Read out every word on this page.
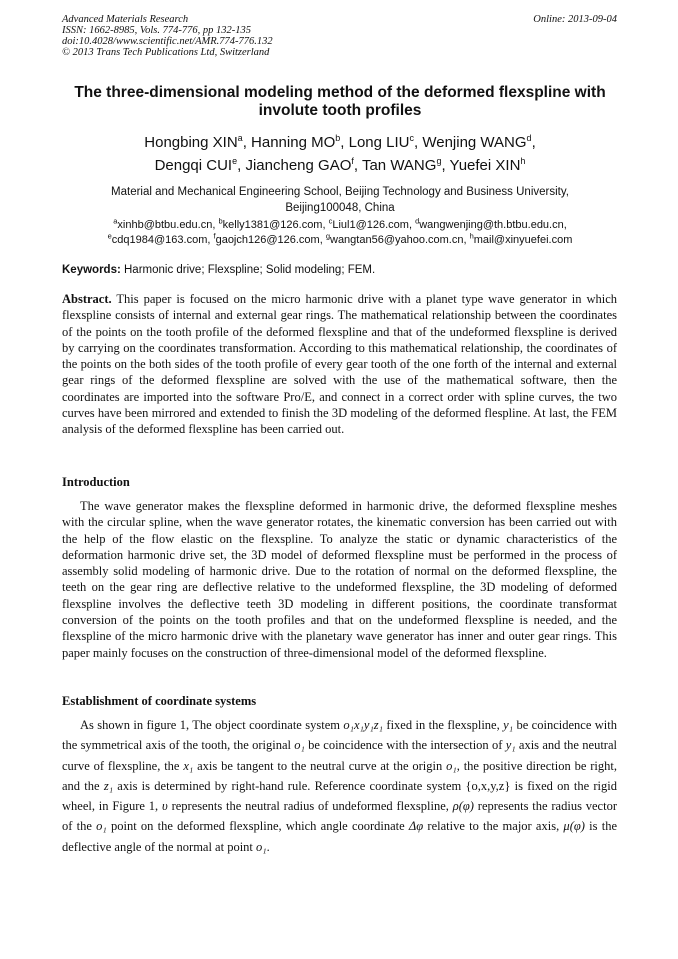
Advanced Materials Research
ISSN: 1662-8985, Vols. 774-776, pp 132-135
doi:10.4028/www.scientific.net/AMR.774-776.132
© 2013 Trans Tech Publications Ltd, Switzerland
Online: 2013-09-04
The three-dimensional modeling method of the deformed flexspline with involute tooth profiles
Hongbing XIN$^a$, Hanning $MO^b$, Long LIU$^c$, Wenjing WANG$^d$,
Dengqi CUI$^e$, Jiancheng GAO$^f$, Tan WANG$^g$, Yuefei XIN$^h$
Material and Mechanical Engineering School, Beijing Technology and Business University,
Beijing100048, China
$^a$xinhb@btbu.edu.cn, $^b$kelly1381@126.com, $^c$Liul1@126.com, $^d$wangwenjing@th.btbu.edu.cn,
$^e$cdq1984@163.com, $^f$gaojch126@126.com, $^g$wangtan56@yahoo.com.cn, $^h$mail@xinyuefei.com
Keywords: Harmonic drive; Flexspline; Solid modeling; FEM.
Abstract. This paper is focused on the micro harmonic drive with a planet type wave generator in which flexspline consists of internal and external gear rings. The mathematical relationship between the coordinates of the points on the tooth profile of the deformed flexspline and that of the undeformed flexspline is derived by carrying on the coordinates transformation. According to this mathematical relationship, the coordinates of the points on the both sides of the tooth profile of every gear tooth of the one forth of the internal and external gear rings of the deformed flexspline are solved with the use of the mathematical software, then the coordinates are imported into the software Pro/E, and connect in a correct order with spline curves, the two curves have been mirrored and extended to finish the 3D modeling of the deformed flespline. At last, the FEM analysis of the deformed flexspline has been carried out.
Introduction
The wave generator makes the flexspline deformed in harmonic drive, the deformed flexspline meshes with the circular spline, when the wave generator rotates, the kinematic conversion has been carried out with the help of the flow elastic on the flexspline. To analyze the static or dynamic characteristics of the deformation harmonic drive set, the 3D model of deformed flexspline must be performed in the process of assembly solid modeling of harmonic drive. Due to the rotation of normal on the deformed flexspline, the teeth on the gear ring are deflective relative to the undeformed flexspline, the 3D modeling of deformed flexspline involves the deflective teeth 3D modeling in different positions, the coordinate transformat conversion of the points on the tooth profiles and that on the undeformed flexspline is needed, and the flexspline of the micro harmonic drive with the planetary wave generator has inner and outer gear rings. This paper mainly focuses on the construction of three-dimensional model of the deformed flexspline.
Establishment of coordinate systems
As shown in figure 1, The object coordinate system o₁x₁y₁z₁ fixed in the flexspline, y₁ be coincidence with the symmetrical axis of the tooth, the original o₁ be coincidence with the intersection of y₁ axis and the neutral curve of flexspline, the x₁ axis be tangent to the neutral curve at the origin o₁, the positive direction be right, and the z₁ axis is determined by right-hand rule. Reference coordinate system {o,x,y,z} is fixed on the rigid wheel, in Figure 1, υ represents the neutral radius of undeformed flexspline, ρ(φ) represents the radius vector of the o₁ point on the deformed flexspline, which angle coordinate Δφ relative to the major axis, μ(φ) is the deflective angle of the normal at point o₁.
